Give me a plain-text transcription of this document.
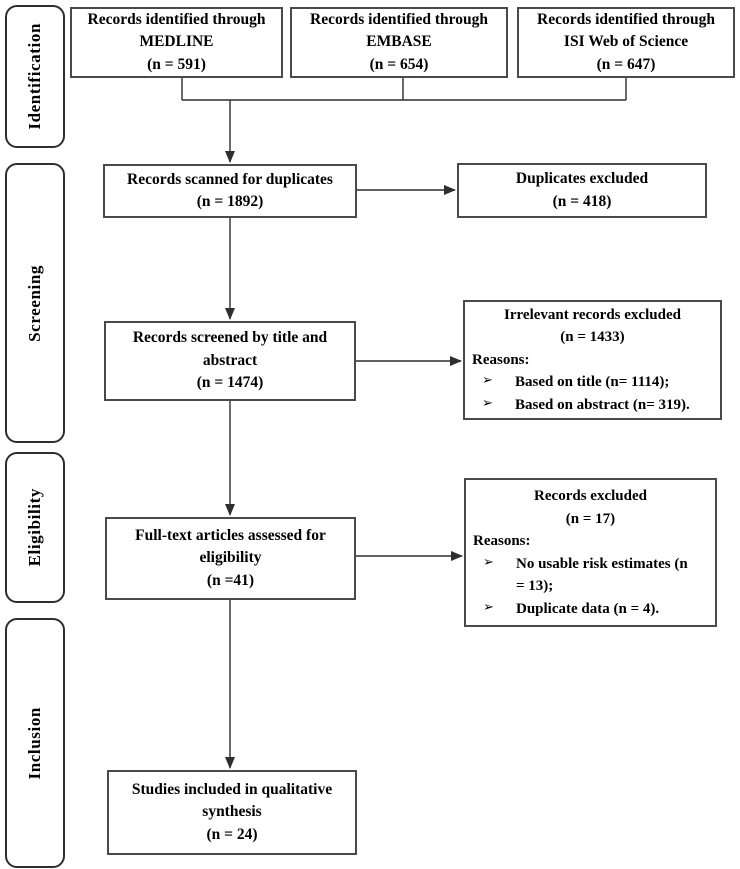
Identification
Screening
Eligibility
Inclusion
Records identified through
MEDLINE
(n = 591)
Records identified through
EMBASE
(n = 654)
Records identified through
ISI Web of Science
(n = 647)
Records scanned for duplicates
(n = 1892)
Duplicates excluded
(n = 418)
Records screened by title and
abstract
(n = 1474)
Irrelevant records excluded
(n = 1433)
Reasons:
➢	Based on title (n= 1114);
➢	Based on abstract (n= 319).
Full-text articles assessed for
eligibility
(n =41)
Records excluded
(n = 17)
Reasons:
➢	No usable risk estimates (n
= 13);
➢	Duplicate data (n = 4).
Studies included in qualitative
synthesis
(n = 24)
